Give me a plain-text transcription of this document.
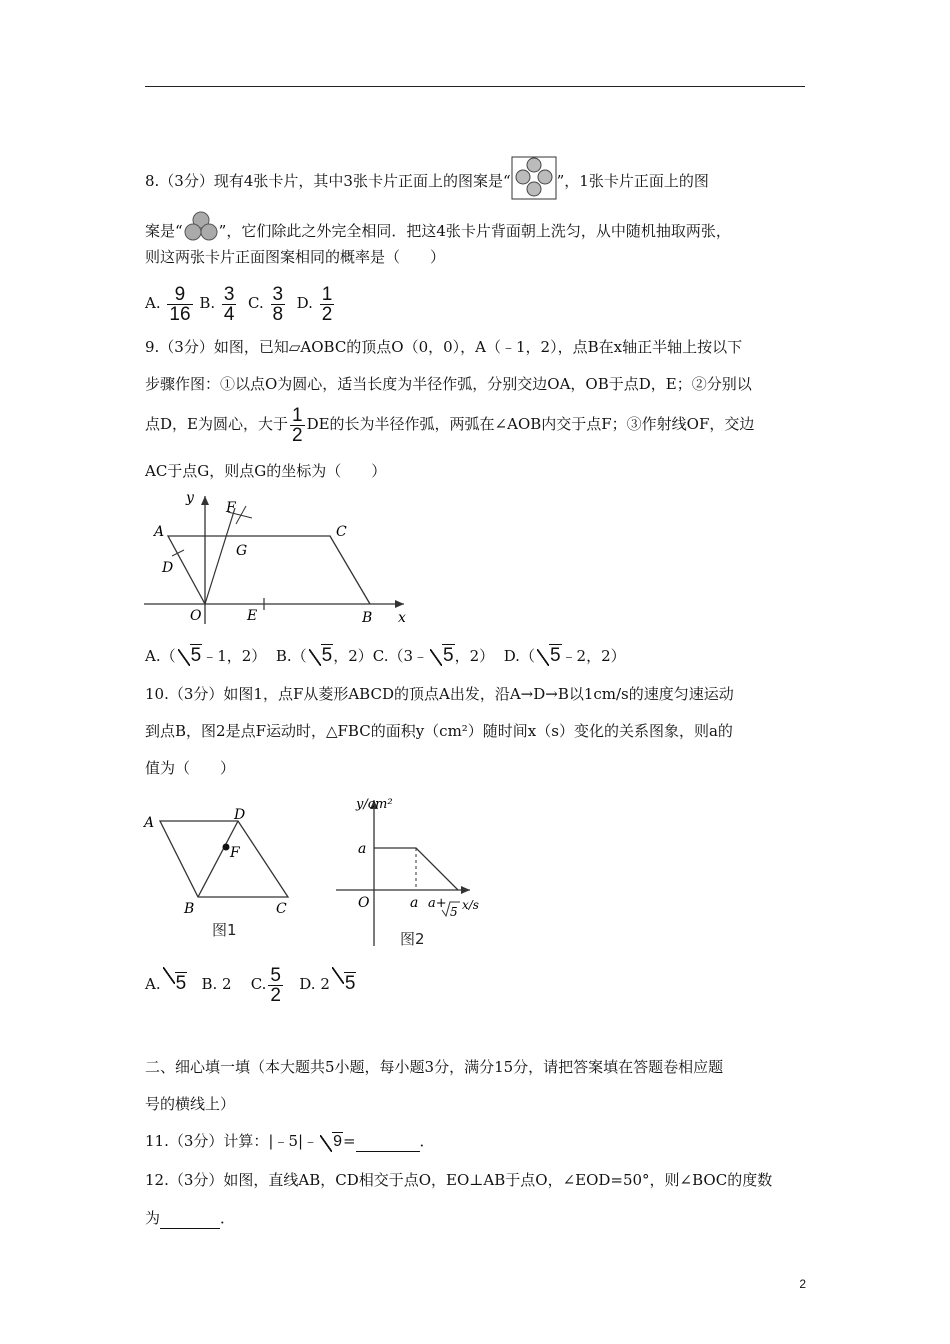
8.（3分）现有4张卡片，其中3张卡片正面上的图案是“	”，1张卡片正面上的图
案是“ ”，它们除此之外完全相同．把这4张卡片背面朝上洗匀，从中随机抽取两张，
则这两张卡片正面图案相同的概率是（　　）
A. $\frac{9}{16} B$. $\frac{3}{4} C$. $\frac{3}{8} D$. $\frac{1}{2}$
9.（3分）如图，已知▱AOBC的顶点O（0，0），A（﹣1，2），点B在x轴正半轴上按以下
步骤作图：①以点O为圆心，适当长度为半径作弧，分别交边OA，OB于点D，E；②分别以
点D，E为圆心，大于 $\frac{1}{2}$ DE的长为半径作弧，两弧在∠AOB内交于点F；③作射线OF，交边
AC于点G，则点G的坐标为（　　）
y
x
A	C
F
G
D
O	E	B
A.（ 5﹣1，2） B.（ 5，2）C.（3﹣ 5，2） D.（ 5﹣2，2）
10.（3分）如图1，点F从菱形ABCD的顶点A出发，沿A→D→B以1cm/s的速度匀速运动
到点B，图2是点F运动时，△FBC的面积y（cm²）随时间x（s）变化的关系图象，则a的
值为（　　）
A	D
F
B	C
图1
y/cm²
a
O	a a+
5 x/s
图2
A. 5 B. 2 C. $\frac{5}{2} D$. 2 5
二、细心填一填（本大题共5小题，每小题3分，满分15分，请把答案填在答题卷相应题
号的横线上）
11.（3分）计算：|﹣5|﹣ 9=	．
12.（3分）如图，直线AB，CD相交于点O，EO⊥AB于点O，∠EOD=50°，则∠BOC的度数
为	．
2
